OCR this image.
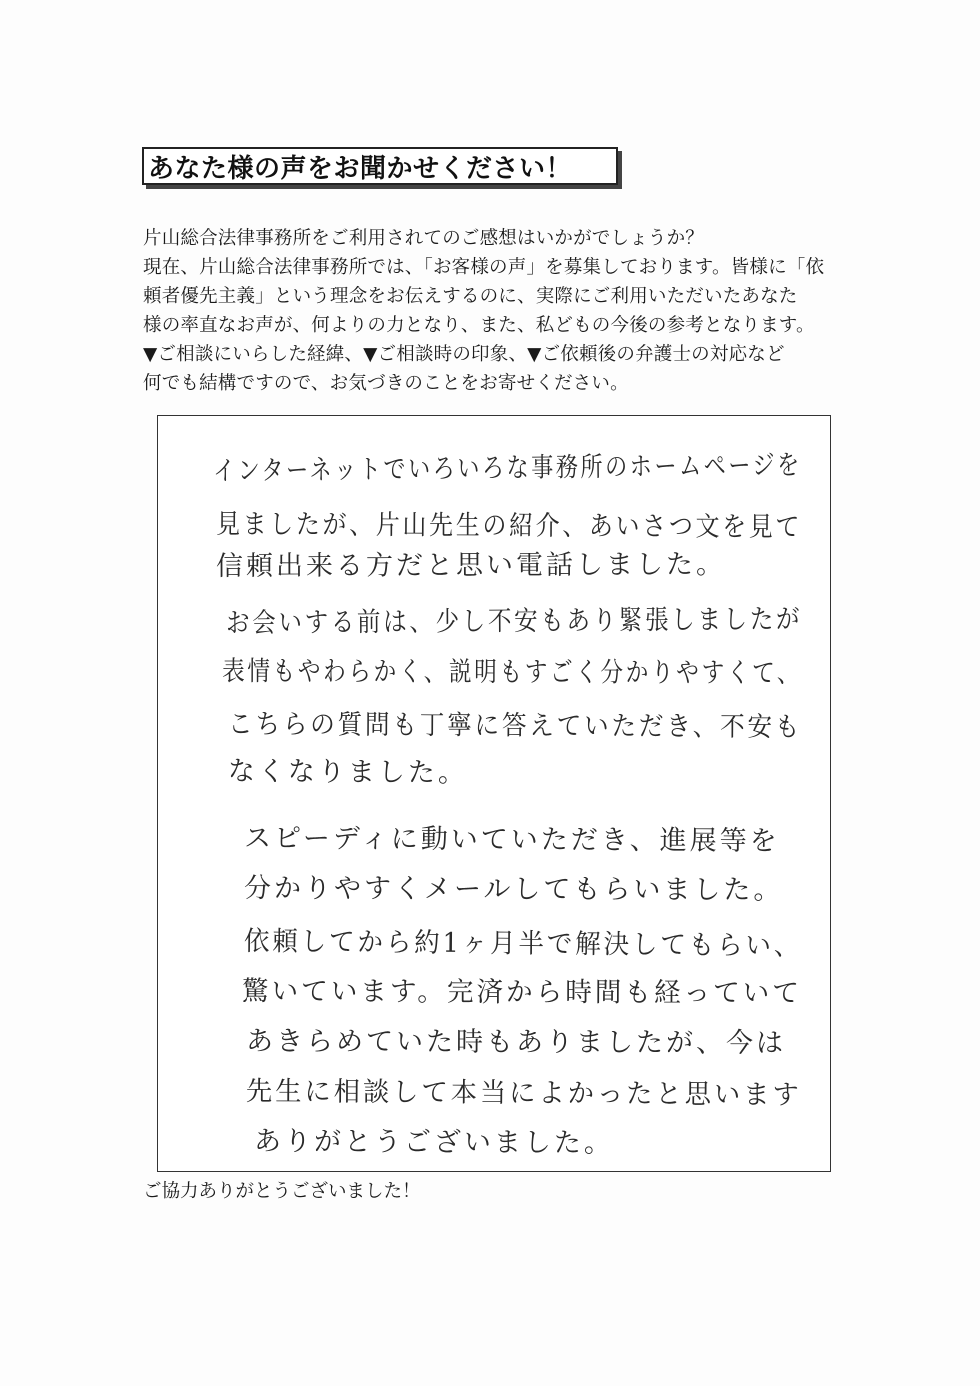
あなた様の声をお聞かせください！
片山総合法律事務所をご利用されてのご感想はいかがでしょうか？
現在、片山総合法律事務所では、「お客様の声」を募集しております。皆様に「依
頼者優先主義」という理念をお伝えするのに、実際にご利用いただいたあなた
様の率直なお声が、何よりの力となり、また、私どもの今後の参考となります。
▼ご相談にいらした経緯、▼ご相談時の印象、▼ご依頼後の弁護士の対応など
何でも結構ですので、お気づきのことをお寄せください。
インターネットでいろいろな事務所のホームページを
見ましたが、片山先生の紹介、あいさつ文を見て
信頼出来る方だと思い電話しました。
お会いする前は、少し不安もあり緊張しましたが
表情もやわらかく、説明もすごく分かりやすくて、
こちらの質問も丁寧に答えていただき、不安も
なくなりました。
スピーディに動いていただき、進展等を
分かりやすくメールしてもらいました。
依頼してから約1ヶ月半で解決してもらい、
驚いています。完済から時間も経っていて
あきらめていた時もありましたが、今は
先生に相談して本当によかったと思います
ありがとうございました。
ご協力ありがとうございました！
